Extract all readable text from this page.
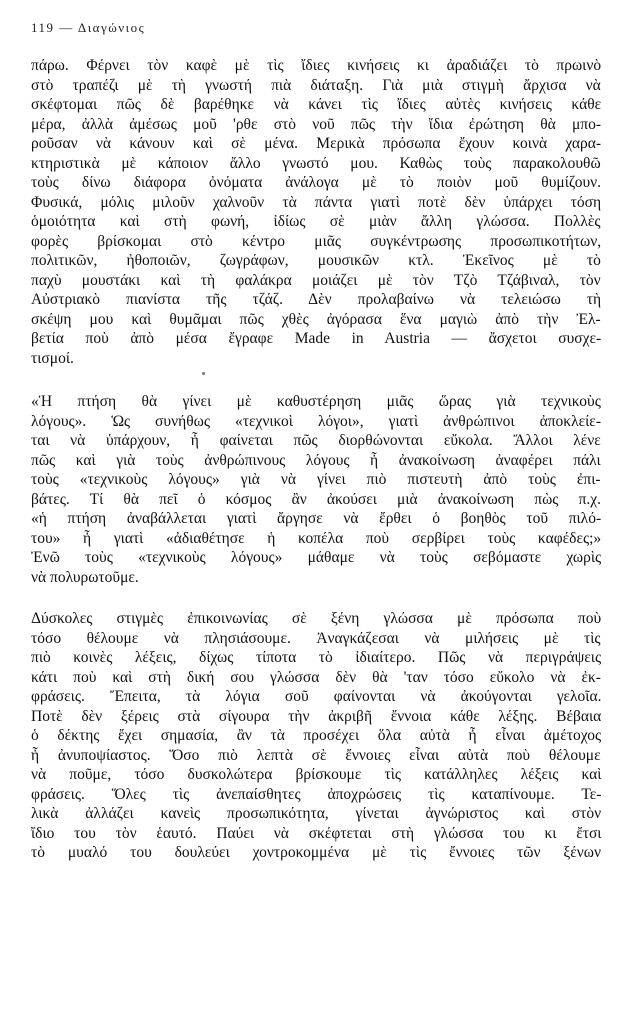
119 — Διαγώνιος
πάρω. Φέρνει τὸν καφὲ μὲ τὶς ἴδιες κινήσεις κι ἀραδιάζει τὸ πρωινὸ
στὸ τραπέζι μὲ τὴ γνωστή πιὰ διάταξη. Γιὰ μιὰ στιγμὴ ἄρχισα νὰ
σκέφτομαι πῶς δὲ βαρέθηκε νὰ κάνει τὶς ἴδιες αὐτὲς κινήσεις κάθε
μέρα, ἀλλὰ ἀμέσως μοῦ 'ρθε στὸ νοῦ πῶς τὴν ἴδια ἐρώτηση θὰ μπο-
ροῦσαν νὰ κάνουν καὶ σὲ μένα. Μερικὰ πρόσωπα ἔχουν κοινὰ χαρα-
κτηριστικὰ μὲ κάποιον ἄλλο γνωστό μου. Καθὼς τοὺς παρακολουθῶ
τοὺς δίνω διάφορα ὀνόματα ἀνάλογα μὲ τὸ ποιὸν μοῦ θυμίζουν.
Φυσικά, μόλις μιλοῦν χαλνοῦν τὰ πάντα γιατὶ ποτὲ δὲν ὑπάρχει τόση
ὁμοιότητα καὶ στὴ φωνή, ἰδίως σὲ μιὰν ἄλλη γλώσσα. Πολλὲς
φορὲς βρίσκομαι στὸ κέντρο μιᾶς συγκέντρωσης προσωπικοτήτων,
πολιτικῶν, ἠθοποιῶν, ζωγράφων, μουσικῶν κτλ. Ἐκεῖνος μὲ τὸ
παχὺ μουστάκι καὶ τὴ φαλάκρα μοιάζει μὲ τὸν Τζὸ Τζάβιναλ, τὸν
Αὐστριακὸ πιανίστα τῆς τζάζ. Δὲν προλαβαίνω νὰ τελειώσω τὴ
σκέψη μου καὶ θυμᾶμαι πῶς χθὲς ἀγόρασα ἕνα μαγιὼ ἀπὸ τὴν Ἐλ-
βετία ποὺ ἀπὸ μέσα ἔγραφε Made in Austria — ἄσχετοι συσχε-
τισμοί.
«Ἡ πτήση θὰ γίνει μὲ καθυστέρηση μιᾶς ὥρας γιὰ τεχνικοὺς
λόγους». Ὡς συνήθως «τεχνικοὶ λόγοι», γιατὶ ἀνθρώπινοι ἀποκλείε-
ται νὰ ὑπάρχουν, ἦ φαίνεται πῶς διορθώνονται εὔκολα. Ἄλλοι λένε
πῶς καὶ γιὰ τοὺς ἀνθρώπινους λόγους ἦ ἀνακοίνωση ἀναφέρει πάλι
τοὺς «τεχνικοὺς λόγους» γιὰ νὰ γίνει πιὸ πιστευτὴ ἀπὸ τοὺς ἐπι-
βάτες. Τί θὰ πεῖ ὁ κόσμος ἂν ἀκούσει μιὰ ἀνακοίνωση πὼς π.χ.
«ἡ πτήση ἀναβάλλεται γιατὶ ἄργησε νὰ ἔρθει ὁ βοηθὸς τοῦ πιλό-
του» ἦ γιατὶ «ἀδιαθέτησε ἡ κοπέλα ποὺ σερβίρει τοὺς καφέδες;»
Ἐνῶ τοὺς «τεχνικοὺς λόγους» μάθαμε νὰ τοὺς σεβόμαστε χωρὶς
νὰ πολυρωτοῦμε.
Δύσκολες στιγμὲς ἐπικοινωνίας σὲ ξένη γλώσσα μὲ πρόσωπα ποὺ
τόσο θέλουμε νὰ πλησιάσουμε. Ἀναγκάζεσαι νὰ μιλήσεις μὲ τὶς
πιὸ κοινὲς λέξεις, δίχως τίποτα τὸ ἰδιαίτερο. Πῶς νὰ περιγράψεις
κάτι ποὺ καὶ στὴ δική σου γλώσσα δὲν θὰ 'ταν τόσο εὔκολο νὰ ἐκ-
φράσεις. Ἔπειτα, τὰ λόγια σοῦ φαίνονται νὰ ἀκούγονται γελοῖα.
Ποτὲ δὲν ξέρεις στὰ σίγουρα τὴν ἀκριβῆ ἔννοια κάθε λέξης. Βέβαια
ὁ δέκτης ἔχει σημασία, ἂν τὰ προσέχει ὅλα αὐτὰ ἦ εἶναι ἀμέτοχος
ἦ ἀνυποψίαστος. Ὅσο πιὸ λεπτὰ σὲ ἔννοιες εἶναι αὐτὰ ποὺ θέλουμε
νὰ ποῦμε, τόσο δυσκολώτερα βρίσκουμε τὶς κατάλληλες λέξεις καὶ
φράσεις. Ὅλες τὶς ἀνεπαίσθητες ἀποχρώσεις τὶς καταπίνουμε. Τε-
λικὰ ἀλλάζει κανεὶς προσωπικότητα, γίνεται ἀγνώριστος καὶ στὸν
ἴδιο του τὸν ἑαυτό. Παύει νὰ σκέφτεται στὴ γλώσσα του κι ἔτσι
τὸ μυαλό του δουλεύει χοντροκομμένα μὲ τὶς ἔννοιες τῶν ξένων
